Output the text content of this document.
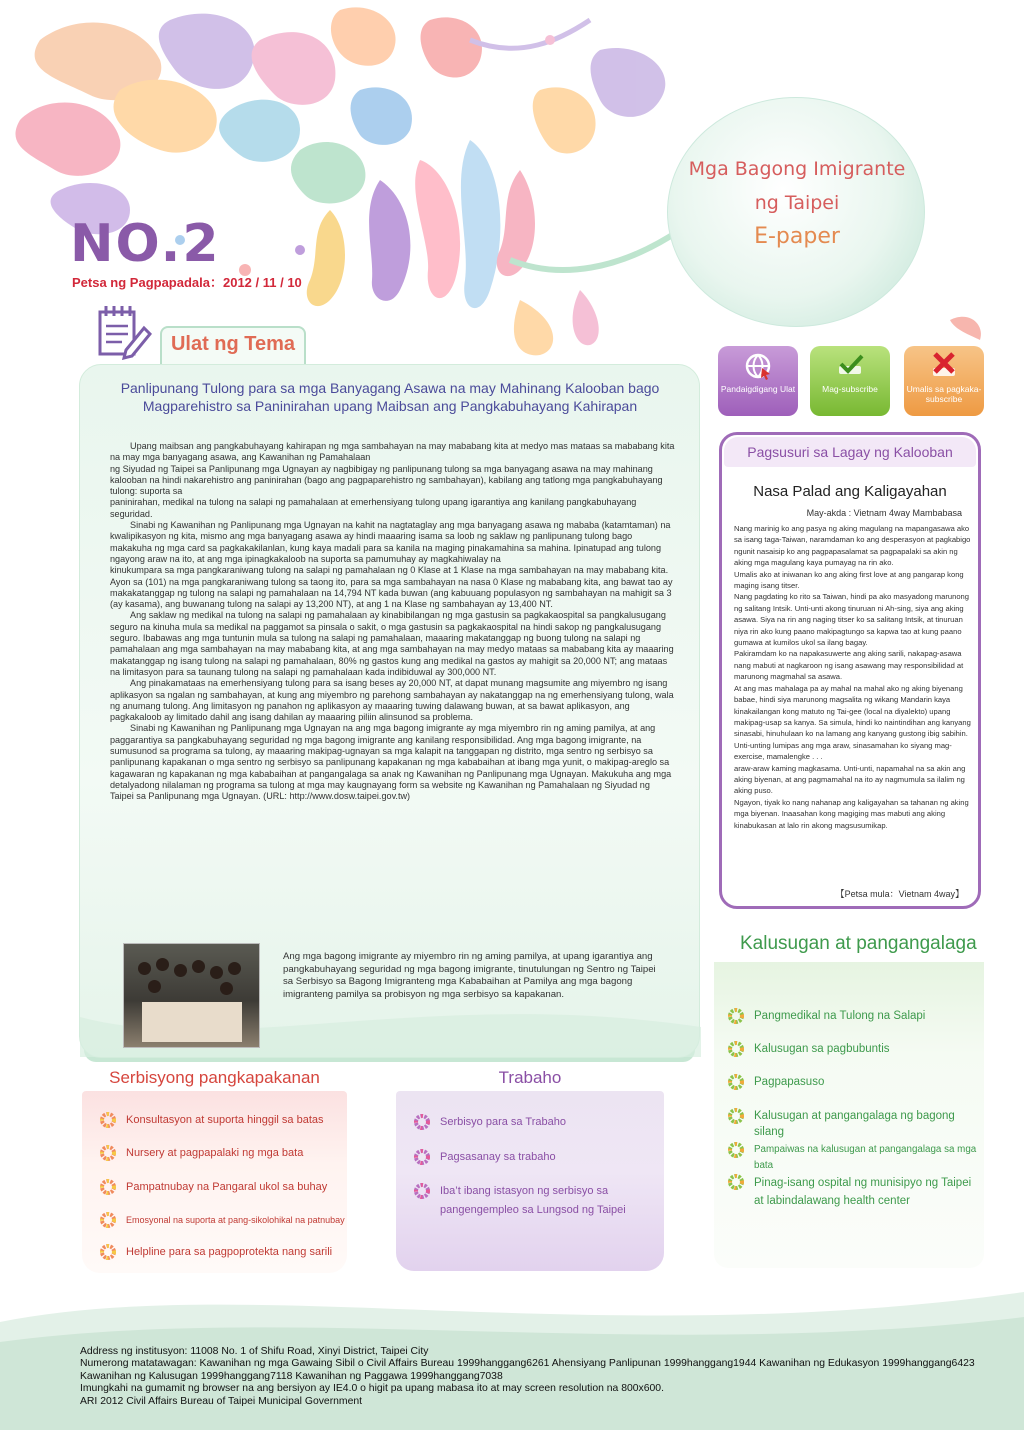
NO.2
Petsa ng Pagpapadala：2012 / 11 / 10
Mga Bagong Imigrante
ng Taipei
E-paper
Ulat ng Tema
Panlipunang Tulong para sa mga Banyagang Asawa na may Mahinang Kalooban bago Magparehistro sa Paninirahan upang Maibsan ang Pangkabuhayang Kahirapan

Upang maibsan ang pangkabuhayang kahirapan ng mga sambahayan na may mababang kita at medyo mas mataas sa mababang kita na may mga banyagang asawa, ang Kawanihan ng Pamahalaan

ng Siyudad ng Taipei sa Panlipunang mga Ugnayan ay nagbibigay ng panlipunang tulong sa mga banyagang asawa na may mahinang kalooban na hindi nakarehistro ang paninirahan (bago ang pagpaparehistro ng sambahayan), kabilang ang tatlong mga pangkabuhayang tulong: suporta sa

paninirahan, medikal na tulong na salapi ng pamahalaan at emerhensiyang tulong upang igarantiya ang kanilang pangkabuhayang seguridad.

Sinabi ng Kawanihan ng Panlipunang mga Ugnayan na kahit na nagtataglay ang mga banyagang asawa ng mababa (katamtaman) na kwalipikasyon ng kita, mismo ang mga banyagang asawa ay hindi maaaring isama sa loob ng saklaw ng panlipunang tulong bago makakuha ng mga card sa pagkakakilanlan, kung kaya madali para sa kanila na maging pinakamahina sa mahina. Ipinatupad ang tulong ngayong araw na ito, at ang mga ipinagkakaloob na suporta sa pamumuhay ay magkahiwalay na

kinukumpara sa mga pangkaraniwang tulong na salapi ng pamahalaan ng 0 Klase at 1 Klase na mga sambahayan na may mababang kita. Ayon sa (101) na mga pangkaraniwang tulong sa taong ito, para sa mga sambahayan na nasa 0 Klase ng mababang kita, ang bawat tao ay makakatanggap ng tulong na salapi ng pamahalaan na 14,794 NT kada buwan (ang kabuuang populasyon ng sambahayan na mahigit sa 3 (ay kasama), ang buwanang tulong na salapi ay 13,200 NT), at ang 1 na Klase ng sambahayan ay 13,400 NT.

Ang saklaw ng medikal na tulong na salapi ng pamahalaan ay kinabibilangan ng mga gastusin sa pagkakaospital sa pangkalusugang seguro na kinuha mula sa medikal na paggamot sa pinsala o sakit, o mga gastusin sa pagkakaospital na hindi sakop ng pangkalusugang seguro. Ibabawas ang mga tuntunin mula sa tulong na salapi ng pamahalaan, maaaring makatanggap ng buong tulong na salapi ng pamahalaan ang mga sambahayan na may mababang kita, at ang mga sambahayan na may medyo mataas sa mababang kita ay maaaring makatanggap ng isang tulong na salapi ng pamahalaan, 80% ng gastos kung ang medikal na gastos ay mahigit sa 20,000 NT; ang mataas na limitasyon para sa taunang tulong na salapi ng pamahalaan kada indibiduwal ay 300,000 NT.

Ang pinakamataas na emerhensiyang tulong para sa isang beses ay 20,000 NT, at dapat munang magsumite ang miyembro ng isang aplikasyon sa ngalan ng sambahayan, at kung ang miyembro ng parehong sambahayan ay nakatanggap na ng emerhensiyang tulong, wala ng anumang tulong. Ang limitasyon ng panahon ng aplikasyon ay maaaring tuwing dalawang buwan, at sa bawat aplikasyon, ang pagkakaloob ay limitado dahil ang isang dahilan ay maaaring piliin alinsunod sa problema.

Sinabi ng Kawanihan ng Panlipunang mga Ugnayan na ang mga bagong imigrante ay mga miyembro rin ng aming pamilya, at ang paggarantiya sa pangkabuhayang seguridad ng mga bagong imigrante ang kanilang responsibilidad. Ang mga bagong imigrante, na sumusunod sa programa sa tulong, ay maaaring makipag-ugnayan sa mga kalapit na tanggapan ng distrito, mga sentro ng serbisyo sa panlipunang kapakanan o mga sentro ng serbisyo sa panlipunang kapakanan ng mga kababaihan at ibang mga yunit, o makipag-areglo sa kagawaran ng kapakanan ng mga kababaihan at pangangalaga sa anak ng Kawanihan ng Panlipunang mga Ugnayan. Makukuha ang mga detalyadong nilalaman ng programa sa tulong at mga may kaugnayang form sa website ng Kawanihan ng Pamahalaan ng Siyudad ng Taipei sa Panlipunang mga Ugnayan. (URL: http://www.dosw.taipei.gov.tw)

Ang mga bagong imigrante ay miyembro rin ng aming pamilya, at upang igarantiya ang pangkabuhayang seguridad ng mga bagong imigrante, tinutulungan ng Sentro ng Taipei sa Serbisyo sa Bagong Imigranteng mga Kababaihan at Pamilya ang mga bagong imigranteng pamilya sa probisyon ng mga serbisyo sa kapakanan.
Pandaigdigang Ulat	Mag-subscribe	Umalis sa pagkaka-subscribe
Pagsusuri sa Lagay ng Kalooban
Nasa Palad ang Kaligayahan
May-akda : Vietnam 4way Mambabasa

Nang marinig ko ang pasya ng aking magulang na mapangasawa ako sa isang taga-Taiwan, naramdaman ko ang desperasyon at pagkabigo ngunit nasaisip ko ang pagpapasalamat sa pagpapalaki sa akin ng aking mga magulang kaya pumayag na rin ako.

Umalis ako at iniwanan ko ang aking first love at ang pangarap kong maging isang titser.

Nang pagdating ko rito sa Taiwan, hindi pa ako masyadong marunong ng salitang Intsik. Unti-unti akong tinuruan ni Ah-sing, siya ang aking asawa. Siya na rin ang naging titser ko sa salitang Intsik, at tinuruan niya rin ako kung paano makipagtungo sa kapwa tao at kung paano gumawa at kumilos ukol sa ilang bagay.

Pakiramdam ko na napakasuwerte ang aking sarili, nakapag-asawa nang mabuti at nagkaroon ng isang asawang may responsibilidad at marunong magmahal sa asawa.

At ang mas mahalaga pa ay mahal na mahal ako ng aking biyenang babae, hindi siya marunong magsalita ng wikang Mandarin kaya kinakailangan kong matuto ng Tai-gee (local na diyalekto) upang makipag-usap sa kanya. Sa simula, hindi ko naintindihan ang kanyang sinasabi, hinuhulaan ko na lamang ang kanyang gustong ibig sabihin. Unti-unting lumipas ang mga araw, sinasamahan ko siyang mag-exercise, mamalengke . . .

araw-araw kaming magkasama. Unti-unti, napamahal na sa akin ang aking biyenan, at ang pagmamahal na ito ay nagmumula sa ilalim ng aking puso.

Ngayon, tiyak ko nang nahanap ang kaligayahan sa tahanan ng aking mga biyenan. Inaasahan kong magiging mas mabuti ang aking kinabukasan at lalo rin akong magsusumikap.

【Petsa mula：Vietnam 4way】
Kalusugan at pangangalaga
Pangmedikal na Tulong na Salapi
Kalusugan sa pagbubuntis
Pagpapasuso
Kalusugan at pangangalaga ng bagong silang
Pampaiwas na kalusugan at pangangalaga sa mga bata
Pinag-isang ospital ng munisipyo ng Taipei at labindalawang health center
Serbisyong pangkapakanan
Konsultasyon at suporta hinggil sa batas
Nursery at pagpapalaki ng mga bata
Pampatnubay na Pangaral ukol sa buhay
Emosyonal na suporta at pang-sikolohikal na patnubay
Helpline para sa pagpoprotekta nang sarili
Trabaho
Serbisyo para sa Trabaho
Pagsasanay sa trabaho
Iba’t ibang istasyon ng serbisyo sa pangengempleo sa Lungsod ng Taipei
Address ng institusyon: 11008 No. 1 of Shifu Road, Xinyi District, Taipei City
Numerong matatawagan: Kawanihan ng mga Gawaing Sibil o Civil Affairs Bureau 1999hanggang6261 Ahensiyang Panlipunan 1999hanggang1944 Kawanihan ng Edukasyon 1999hanggang6423 Kawanihan ng Kalusugan 1999hanggang7118 Kawanihan ng Paggawa 1999hanggang7038
Imungkahi na gumamit ng browser na ang bersiyon ay IE4.0 o higit pa upang mabasa ito at may screen resolution na 800x600.
ARI 2012 Civil Affairs Bureau of Taipei Municipal Government
